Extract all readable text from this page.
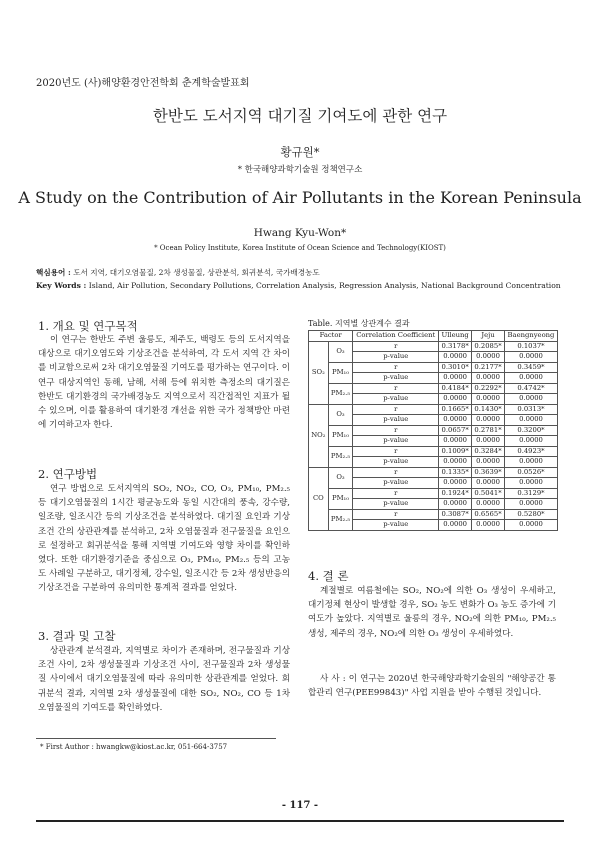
2020년도 (사)해양환경안전학회 춘계학술발표회
한반도 도서지역 대기질 기여도에 관한 연구
황규원*
* 한국해양과학기술원 정책연구소
A Study on the Contribution of Air Pollutants in the Korean Peninsula
Hwang Kyu-Won*
* Ocean Policy Institute, Korea Institute of Ocean Science and Technology(KIOST)
핵심용어 : 도서 지역, 대기오염물질, 2차 생성물질, 상관분석, 회귀분석, 국가배경농도
Key Words : Island, Air Pollution, Secondary Pollutions, Correlation Analysis, Regression Analysis, National Background Concentration
1. 개요 및 연구목적

이 연구는 한반도 주변 울릉도, 제주도, 백령도 등의 도서지역을 대상으로 대기오염도와 기상조건을 분석하여, 각 도서 지역 간 차이를 비교함으로써 2차 대기오염물질 기여도를 평가하는 연구이다. 이 연구 대상지역인 동해, 남해, 서해 등에 위치한 측정소의 대기질은 한반도 대기환경의 국가배경농도 지역으로서 직간접적인 지표가 될 수 있으며, 이를 활용하여 대기환경 개선을 위한 국가 정책방안 마련에 기여하고자 한다.

2. 연구방법

연구 방법으로 도서지역의 SO₂, NO₂, CO, O₃, PM₁₀, PM₂.₅ 등 대기오염물질의 1시간 평균농도와 동일 시간대의 풍속, 강수량, 일조량, 일조시간 등의 기상조건을 분석하였다. 대기질 요인과 기상조건 간의 상관관계를 분석하고, 2차 오염물질과 전구물질을 요인으로 설정하고 회귀분석을 통해 지역별 기여도와 영향 차이를 확인하였다. 또한 대기환경기준을 중심으로 O₃, PM₁₀, PM₂.₅ 등의 고농도 사례일 구분하고, 대기정체, 강수일, 일조시간 등 2차 생성반응의 기상조건을 구분하여 유의미한 통계적 결과를 얻었다.

3. 결과 및 고찰

상관관계 분석결과, 지역별로 차이가 존재하며, 전구물질과 기상조건 사이, 2차 생성물질과 기상조건 사이, 전구물질과 2차 생성물질 사이에서 대기오염물질에 따라 유의미한 상관관계를 얻었다. 회귀분석 결과, 지역별 2차 생성물질에 대한 SO₂, NO₂, CO 등 1차 오염물질의 기여도를 확인하였다.

Table. 지역별 상관계수 결과
Factor		Correlation Coefficient	Ulleung	Jeju	Baengnyeong
SO₂	O₃	r	0.3178*	0.2085*	0.1037*
		p-value	0.0000	0.0000	0.0000
	PM₁₀	r	0.3010*	0.2177*	0.3459*
		p-value	0.0000	0.0000	0.0000
	PM₂.₅	r	0.4184*	0.2292*	0.4742*
		p-value	0.0000	0.0000	0.0000
NO₂	O₃	r	0.1665*	0.1430*	0.0313*
		p-value	0.0000	0.0000	0.0000
	PM₁₀	r	0.0657*	0.2781*	0.3200*
		p-value	0.0000	0.0000	0.0000
	PM₂.₅	r	0.1009*	0.3284*	0.4923*
		p-value	0.0000	0.0000	0.0000
CO	O₃	r	0.1335*	0.3639*	0.0526*
		p-value	0.0000	0.0000	0.0000
	PM₁₀	r	0.1924*	0.5041*	0.3129*
		p-value	0.0000	0.0000	0.0000
	PM₂.₅	r	0.3087*	0.6565*	0.5280*
		p-value	0.0000	0.0000	0.0000
4. 결 론

계절별로 여름철에는 SO₂, NO₂에 의한 O₃ 생성이 우세하고, 대기정체 현상이 발생할 경우, SO₂ 농도 변화가 O₃ 농도 증가에 기여도가 높았다. 지역별로 울릉의 경우, NO₂에 의한 PM₁₀, PM₂.₅ 생성, 제주의 경우, NO₂에 의한 O₃ 생성이 우세하였다.

사 사 : 이 연구는 2020년 한국해양과학기술원의 "해양공간 통합관리 연구(PEE99843)" 사업 지원을 받아 수행된 것입니다.

* First Author : hwangkw@kiost.ac.kr, 051-664-3757
- 117 -
